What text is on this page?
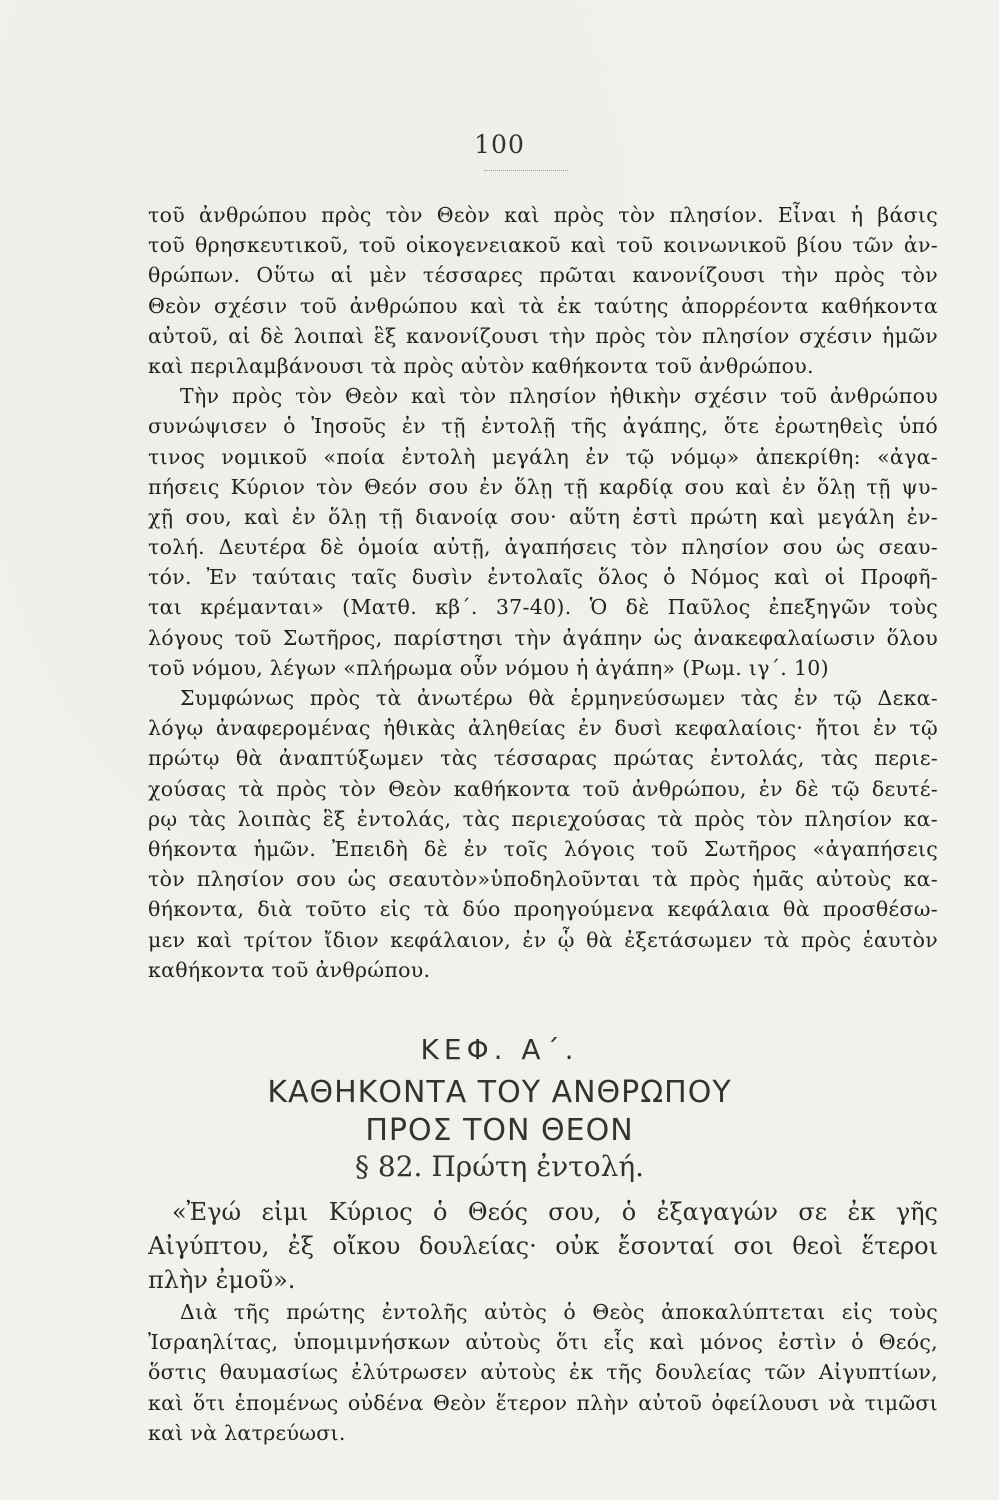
100
τοῦ ἀνθρώπου πρὸς τὸν Θεὸν καὶ πρὸς τὸν πλησίον. Εἶναι ἡ βάσις
τοῦ θρησκευτικοῦ, τοῦ οἰκογενειακοῦ καὶ τοῦ κοινωνικοῦ βίου τῶν ἀν-
θρώπων. Οὕτω αἱ μὲν τέσσαρες πρῶται κανονίζουσι τὴν πρὸς τὸν
Θεὸν σχέσιν τοῦ ἀνθρώπου καὶ τὰ ἐκ ταύτης ἀπορρέοντα καθήκοντα
αὐτοῦ, αἱ δὲ λοιπαὶ ἓξ κανονίζουσι τὴν πρὸς τὸν πλησίον σχέσιν ἡμῶν
καὶ περιλαμβάνουσι τὰ πρὸς αὐτὸν καθήκοντα τοῦ ἀνθρώπου.
Τὴν πρὸς τὸν Θεὸν καὶ τὸν πλησίον ἠθικὴν σχέσιν τοῦ ἀνθρώπου
συνώψισεν ὁ Ἰησοῦς ἐν τῇ ἐντολῇ τῆς ἀγάπης, ὅτε ἐρωτηθεὶς ὑπό
τινος νομικοῦ «ποία ἐντολὴ μεγάλη ἐν τῷ νόμῳ» ἀπεκρίθη: «ἀγα-
πήσεις Κύριον τὸν Θεόν σου ἐν ὅλῃ τῇ καρδίᾳ σου καὶ ἐν ὅλῃ τῇ ψυ-
χῇ σου, καὶ ἐν ὅλῃ τῇ διανοίᾳ σου· αὕτη ἐστὶ πρώτη καὶ μεγάλη ἐν-
τολή. Δευτέρα δὲ ὁμοία αὐτῇ, ἀγαπήσεις τὸν πλησίον σου ὡς σεαυ-
τόν. Ἐν ταύταις ταῖς δυσὶν ἐντολαῖς ὅλος ὁ Νόμος καὶ οἱ Προφῆ-
ται κρέμανται» (Ματθ. κβ΄. 37-40). Ὁ δὲ Παῦλος ἐπεξηγῶν τοὺς
λόγους τοῦ Σωτῆρος, παρίστησι τὴν ἀγάπην ὡς ἀνακεφαλαίωσιν ὅλου
τοῦ νόμου, λέγων «πλήρωμα οὖν νόμου ἡ ἀγάπη» (Ρωμ. ιγ΄. 10)
Συμφώνως πρὸς τὰ ἀνωτέρω θὰ ἑρμηνεύσωμεν τὰς ἐν τῷ Δεκα-
λόγῳ ἀναφερομένας ἠθικὰς ἀληθείας ἐν δυσὶ κεφαλαίοις· ἤτοι ἐν τῷ
πρώτῳ θὰ ἀναπτύξωμεν τὰς τέσσαρας πρώτας ἐντολάς, τὰς περιε-
χούσας τὰ πρὸς τὸν Θεὸν καθήκοντα τοῦ ἀνθρώπου, ἐν δὲ τῷ δευτέ-
ρῳ τὰς λοιπὰς ἓξ ἐντολάς, τὰς περιεχούσας τὰ πρὸς τὸν πλησίον κα-
θήκοντα ἡμῶν. Ἐπειδὴ δὲ ἐν τοῖς λόγοις τοῦ Σωτῆρος «ἀγαπήσεις
τὸν πλησίον σου ὡς σεαυτὸν»ὑποδηλοῦνται τὰ πρὸς ἡμᾶς αὐτοὺς κα-
θήκοντα, διὰ τοῦτο εἰς τὰ δύο προηγούμενα κεφάλαια θὰ προσθέσω-
μεν καὶ τρίτον ἴδιον κεφάλαιον, ἐν ᾧ θὰ ἐξετάσωμεν τὰ πρὸς ἑαυτὸν
καθήκοντα τοῦ ἀνθρώπου.
ΚΕΦ. Α΄.
ΚΑΘΗΚΟΝΤΑ ΤΟΥ ΑΝΘΡΩΠΟΥ
ΠΡΟΣ ΤΟΝ ΘΕΟΝ
§ 82. Πρώτη ἐντολή.
«Ἐγώ εἰμι Κύριος ὁ Θεός σου, ὁ ἐξαγαγών σε ἐκ γῆς
Αἰγύπτου, ἐξ οἴκου δουλείας· οὐκ ἔσονταί σοι θεοὶ ἕτεροι
πλὴν ἐμοῦ».
Διὰ τῆς πρώτης ἐντολῆς αὐτὸς ὁ Θεὸς ἀποκαλύπτεται εἰς τοὺς
Ἰσραηλίτας, ὑπομιμνήσκων αὐτοὺς ὅτι εἷς καὶ μόνος ἐστὶν ὁ Θεός,
ὅστις θαυμασίως ἐλύτρωσεν αὐτοὺς ἐκ τῆς δουλείας τῶν Αἰγυπτίων,
καὶ ὅτι ἑπομένως οὐδένα Θεὸν ἕτερον πλὴν αὐτοῦ ὀφείλουσι νὰ τιμῶσι
καὶ νὰ λατρεύωσι.
